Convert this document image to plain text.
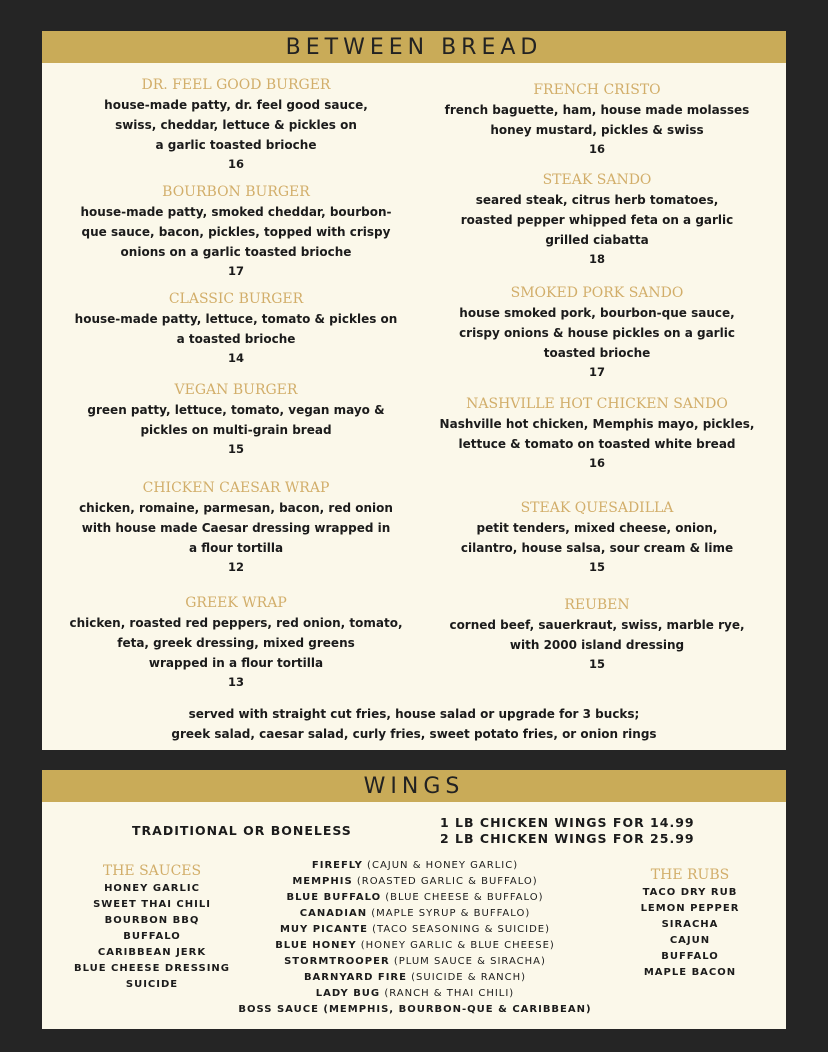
BETWEEN BREAD
DR. FEEL GOOD BURGER
house-made patty, dr. feel good sauce,
swiss, cheddar, lettuce & pickles on
a garlic toasted brioche
16
BOURBON BURGER
house-made patty, smoked cheddar, bourbon-
que sauce, bacon, pickles, topped with crispy
onions on a garlic toasted brioche
17
CLASSIC BURGER
house-made patty, lettuce, tomato & pickles on
a toasted brioche
14
VEGAN BURGER
green patty, lettuce, tomato, vegan mayo &
pickles on multi-grain bread
15
CHICKEN CAESAR WRAP
chicken, romaine, parmesan, bacon, red onion
with house made Caesar dressing wrapped in
a flour tortilla
12
GREEK WRAP
chicken, roasted red peppers, red onion, tomato,
feta, greek dressing, mixed greens
wrapped in a flour tortilla
13
FRENCH CRISTO
french baguette, ham, house made molasses
honey mustard, pickles & swiss
16
STEAK SANDO
seared steak, citrus herb tomatoes,
roasted pepper whipped feta on a garlic
grilled ciabatta
18
SMOKED PORK SANDO
house smoked pork, bourbon-que sauce,
crispy onions & house pickles on a garlic
toasted brioche
17
NASHVILLE HOT CHICKEN SANDO
Nashville hot chicken, Memphis mayo, pickles,
lettuce & tomato on toasted white bread
16
STEAK QUESADILLA
petit tenders, mixed cheese, onion,
cilantro, house salsa, sour cream & lime
15
REUBEN
corned beef, sauerkraut, swiss, marble rye,
with 2000 island dressing
15
served with straight cut fries, house salad or upgrade for 3 bucks;
greek salad, caesar salad, curly fries, sweet potato fries, or onion rings
WINGS
TRADITIONAL OR BONELESS
1 LB CHICKEN WINGS FOR 14.99
2 LB CHICKEN WINGS FOR 25.99
THE SAUCES
HONEY GARLIC
SWEET THAI CHILI
BOURBON BBQ
BUFFALO
CARIBBEAN JERK
BLUE CHEESE DRESSING
SUICIDE
FIREFLY (CAJUN & HONEY GARLIC)
MEMPHIS (ROASTED GARLIC & BUFFALO)
BLUE BUFFALO (BLUE CHEESE & BUFFALO)
CANADIAN (MAPLE SYRUP & BUFFALO)
MUY PICANTE (TACO SEASONING & SUICIDE)
BLUE HONEY (HONEY GARLIC & BLUE CHEESE)
STORMTROOPER (PLUM SAUCE & SIRACHA)
BARNYARD FIRE (SUICIDE & RANCH)
LADY BUG (RANCH & THAI CHILI)
BOSS SAUCE (MEMPHIS, BOURBON-QUE & CARIBBEAN)
THE RUBS
TACO DRY RUB
LEMON PEPPER
SIRACHA
CAJUN
BUFFALO
MAPLE BACON
